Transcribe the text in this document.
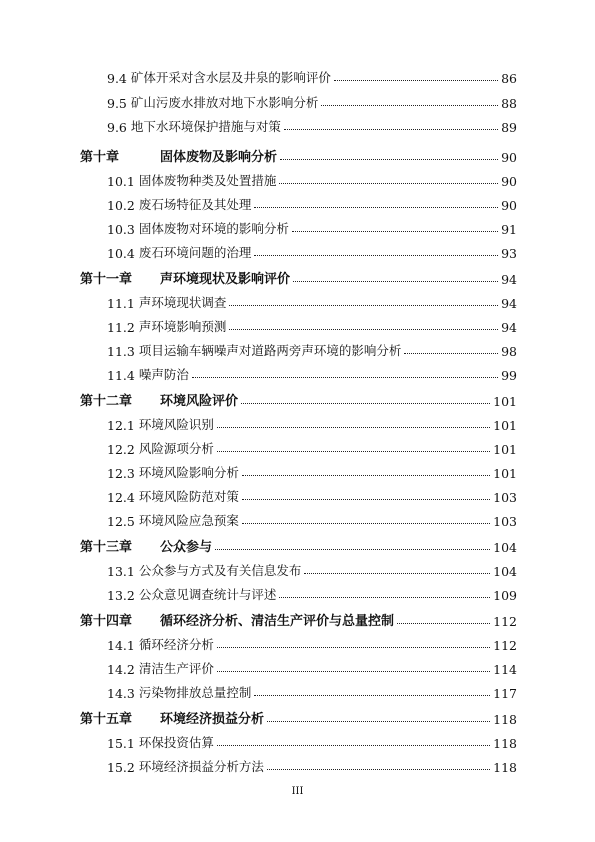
9.4 矿体开采对含水层及井泉的影响评价	86
9.5 矿山污废水排放对地下水影响分析	88
9.6 地下水环境保护措施与对策	89
第十章	固体废物及影响分析	90
10.1 固体废物种类及处置措施	90
10.2 废石场特征及其处理	90
10.3 固体废物对环境的影响分析	91
10.4 废石环境问题的治理	93
第十一章	声环境现状及影响评价	94
11.1 声环境现状调查	94
11.2 声环境影响预测	94
11.3 项目运输车辆噪声对道路两旁声环境的影响分析	98
11.4 噪声防治	99
第十二章	环境风险评价	101
12.1 环境风险识别	101
12.2 风险源项分析	101
12.3 环境风险影响分析	101
12.4 环境风险防范对策	103
12.5 环境风险应急预案	103
第十三章	公众参与	104
13.1 公众参与方式及有关信息发布	104
13.2 公众意见调查统计与评述	109
第十四章	循环经济分析、清洁生产评价与总量控制	112
14.1 循环经济分析	112
14.2 清洁生产评价	114
14.3 污染物排放总量控制	117
第十五章	环境经济损益分析	118
15.1 环保投资估算	118
15.2 环境经济损益分析方法	118
III
